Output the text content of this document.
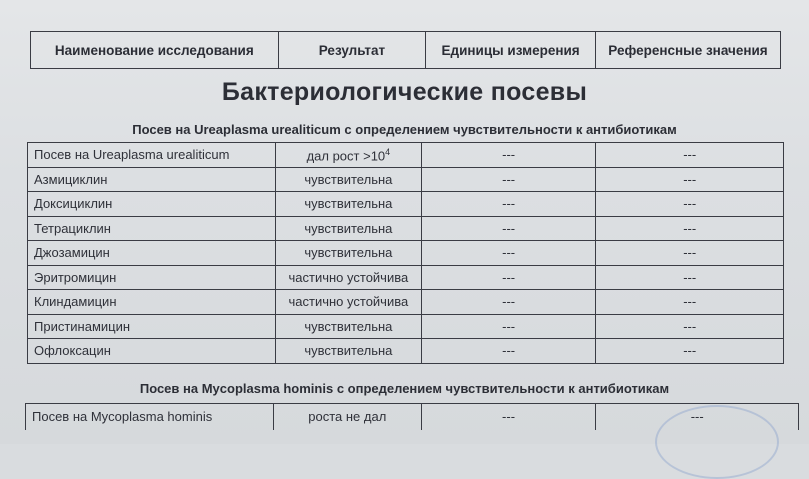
Наименование исследования	Результат	Единицы измерения	Референсные значения
Бактериологические посевы
Посев на Ureaplasma urealiticum с определением чувствительности к антибиотикам
Посев на Ureaplasma urealiticum	дал рост $>10^4$	---	---
Азмициклин	чувствительна	---	---
Доксициклин	чувствительна	---	---
Тетрациклин	чувствительна	---	---
Джозамицин	чувствительна	---	---
Эритромицин	частично устойчива	---	---
Клиндамицин	частично устойчива	---	---
Пристинамицин	чувствительна	---	---
Офлоксацин	чувствительна	---	---
Посев на Mycoplasma hominis с определением чувствительности к антибиотикам
Посев на Mycoplasma hominis	роста не дал	---	---
